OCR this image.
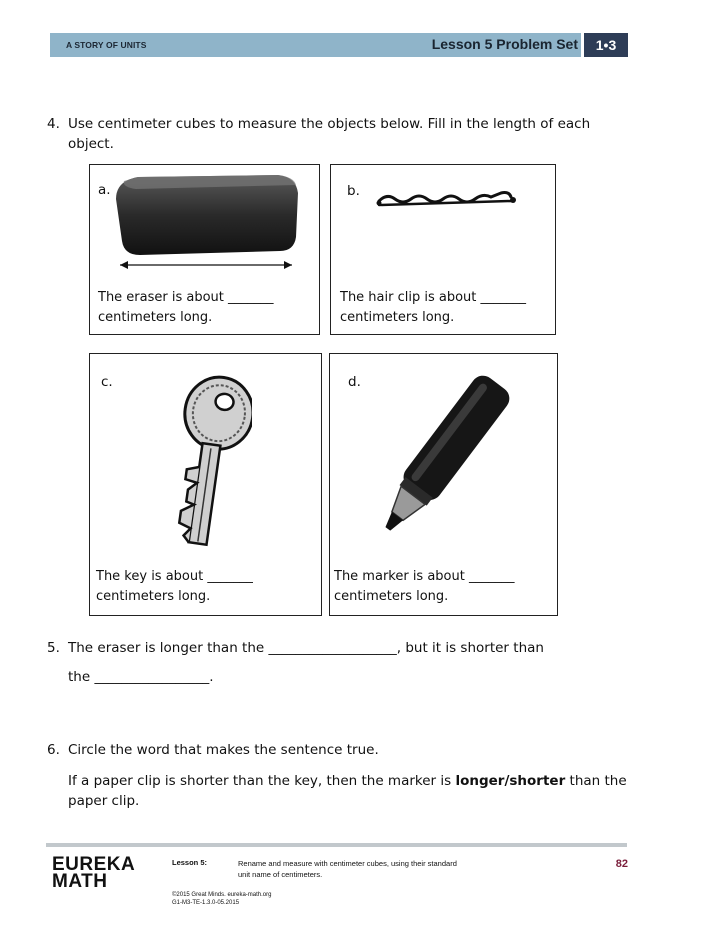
A STORY OF UNITS	Lesson 5 Problem Set	1•3
4. Use centimeter cubes to measure the objects below. Fill in the length of each
object.
a.
The eraser is about _______
centimeters long.
b.
The hair clip is about _______
centimeters long.
c.
The key is about _______
centimeters long.
d.
The marker is about _______
centimeters long.
5. The eraser is longer than the ___________________, but it is shorter than
the _________________.
6. Circle the word that makes the sentence true.
If a paper clip is shorter than the key, then the marker is longer/shorter than the
paper clip.
EUREKA
MATH
Lesson 5:	Rename and measure with centimeter cubes, using their standard
unit name of centimeters.
82
©2015 Great Minds. eureka-math.org
G1-M3-TE-1.3.0-05.2015
